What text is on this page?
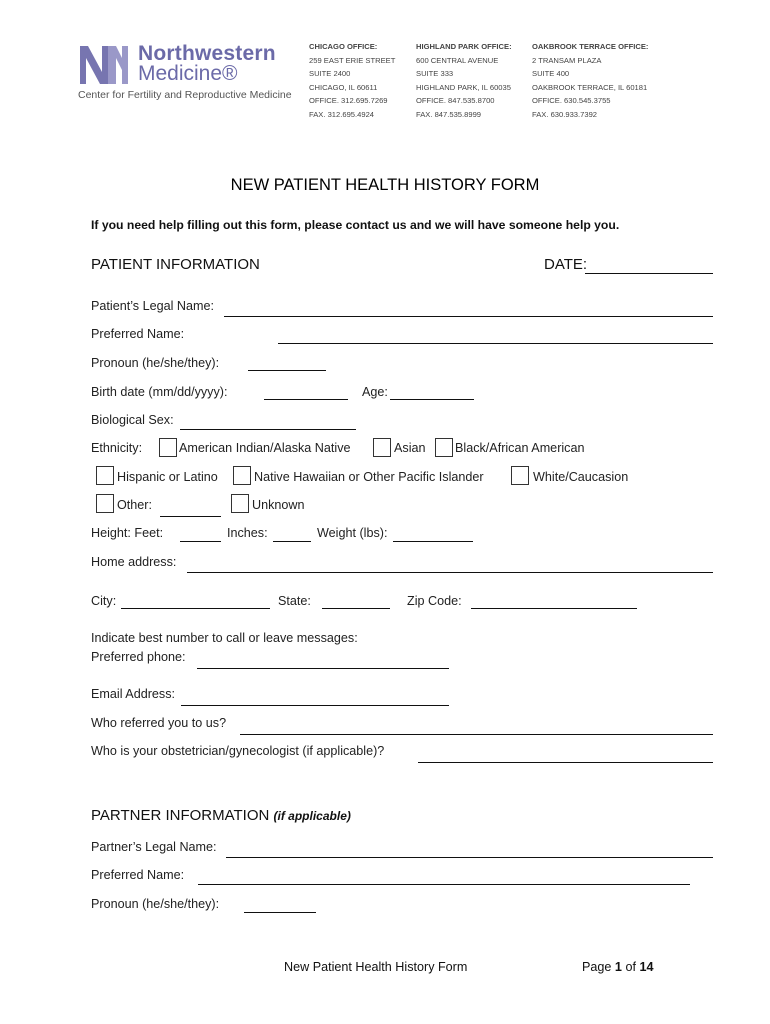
Northwestern
Medicine®
Center for Fertility and Reproductive Medicine
CHICAGO OFFICE:
259 EAST ERIE STREET
SUITE 2400
CHICAGO, IL 60611
OFFICE. 312.695.7269
FAX. 312.695.4924
HIGHLAND PARK OFFICE:
600 CENTRAL AVENUE
SUITE 333
HIGHLAND PARK, IL 60035
OFFICE. 847.535.8700
FAX. 847.535.8999
OAKBROOK TERRACE OFFICE:
2 TRANSAM PLAZA
SUITE 400
OAKBROOK TERRACE, IL 60181
OFFICE. 630.545.3755
FAX. 630.933.7392
NEW PATIENT HEALTH HISTORY FORM
If you need help filling out this form, please contact us and we will have someone help you.
PATIENT INFORMATION	DATE:
Patient’s Legal Name:
Preferred Name:
Pronoun (he/she/they):
Birth date (mm/dd/yyyy):	Age:
Biological Sex:
Ethnicity:	American Indian/Alaska Native	Asian Black/African American
Hispanic or Latino	Native Hawaiian or Other Pacific Islander	White/Caucasion
Other:	Unknown
Height: Feet:	Inches:	Weight (lbs):
Home address:
City:	State:	Zip Code:
Indicate best number to call or leave messages:
Preferred phone:
Email Address:
Who referred you to us?
Who is your obstetrician/gynecologist (if applicable)?
PARTNER INFORMATION (if applicable)
Partner’s Legal Name:
Preferred Name:
Pronoun (he/she/they):
New Patient Health History Form	Page 1 of 14
